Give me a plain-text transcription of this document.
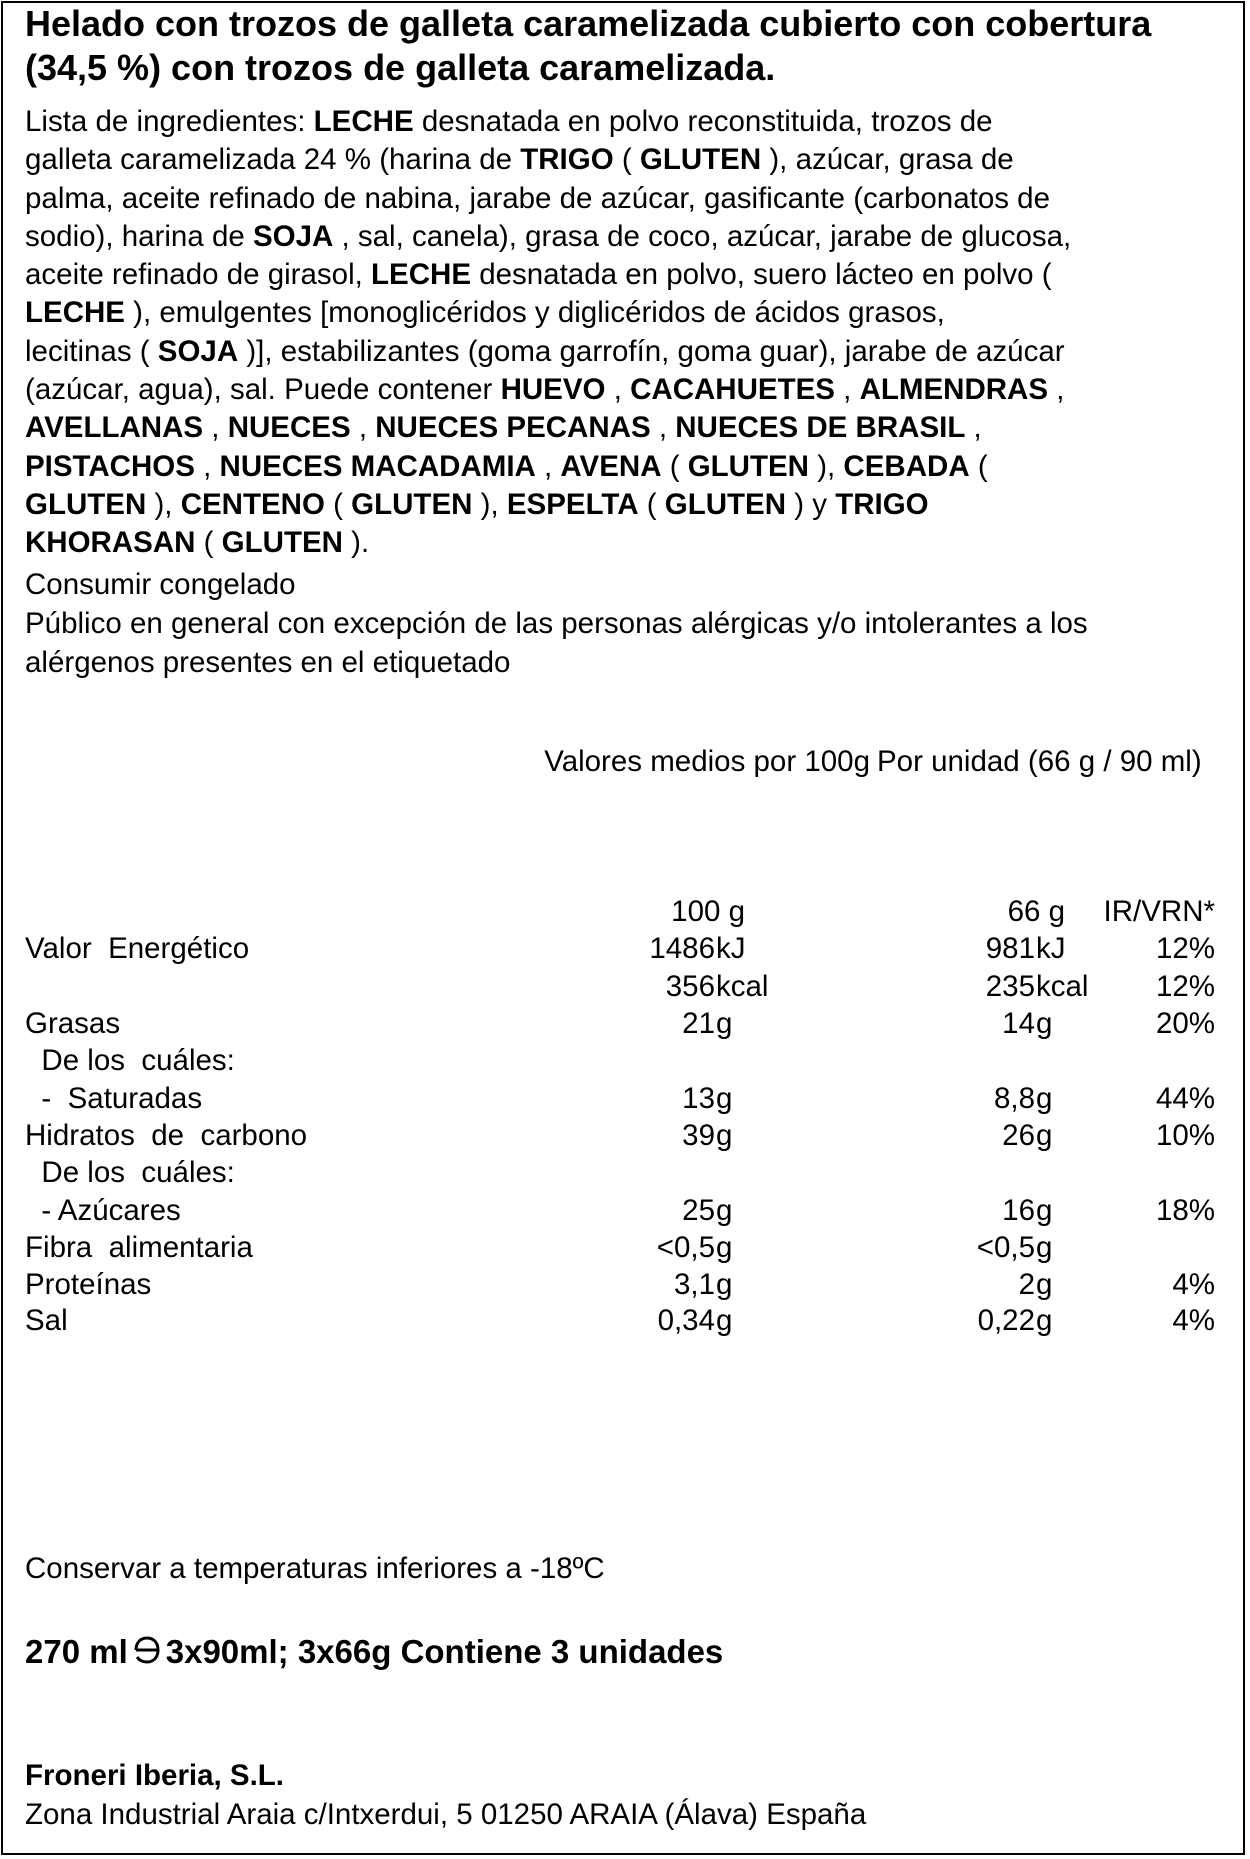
Helado con trozos de galleta caramelizada cubierto con cobertura (34,5 %) con trozos de galleta caramelizada.

Lista de ingredientes: LECHE desnatada en polvo reconstituida, trozos de

galleta caramelizada 24 % (harina de TRIGO ( GLUTEN ), azúcar, grasa de

palma, aceite refinado de nabina, jarabe de azúcar, gasificante (carbonatos de

sodio), harina de SOJA , sal, canela), grasa de coco, azúcar, jarabe de glucosa,

aceite refinado de girasol, LECHE desnatada en polvo, suero lácteo en polvo (

LECHE ), emulgentes [monoglicéridos y diglicéridos de ácidos grasos,

lecitinas ( SOJA )], estabilizantes (goma garrofín, goma guar), jarabe de azúcar

(azúcar, agua), sal. Puede contener HUEVO , CACAHUETES , ALMENDRAS ,

AVELLANAS , NUECES , NUECES PECANAS , NUECES DE BRASIL ,

PISTACHOS , NUECES MACADAMIA , AVENA ( GLUTEN ), CEBADA (

GLUTEN ), CENTENO ( GLUTEN ), ESPELTA ( GLUTEN ) y TRIGO

KHORASAN ( GLUTEN ).

Consumir congelado
Público en general con excepción de las personas alérgicas y/o intolerantes a los
alérgenos presentes en el etiquetado
Valores medios por 100g Por unidad (66 g / 90 ml)
100 g	66 g	IR/VRN*
Valor  Energético	1486 kJ	981 kJ	12%
356 kcal	235 kcal	12%
Grasas	21 g	14 g	20%
De los  cuáles:
-  Saturadas	13 g	8,8 g	44%
Hidratos  de  carbono	39 g	26 g	10%
De los  cuáles:
- Azúcares	25 g	16 g	18%
Fibra  alimentaria	<0,5 g	<0,5 g
Proteínas	3,1 g	2 g	4%
Sal	0,34 g	0,22 g	4%
Conservar a temperaturas inferiores a -18ºC
270 ml 3x90ml; 3x66g Contiene 3 unidades
Froneri Iberia, S.L.
Zona Industrial Araia c/Intxerdui, 5 01250 ARAIA (Álava) España
